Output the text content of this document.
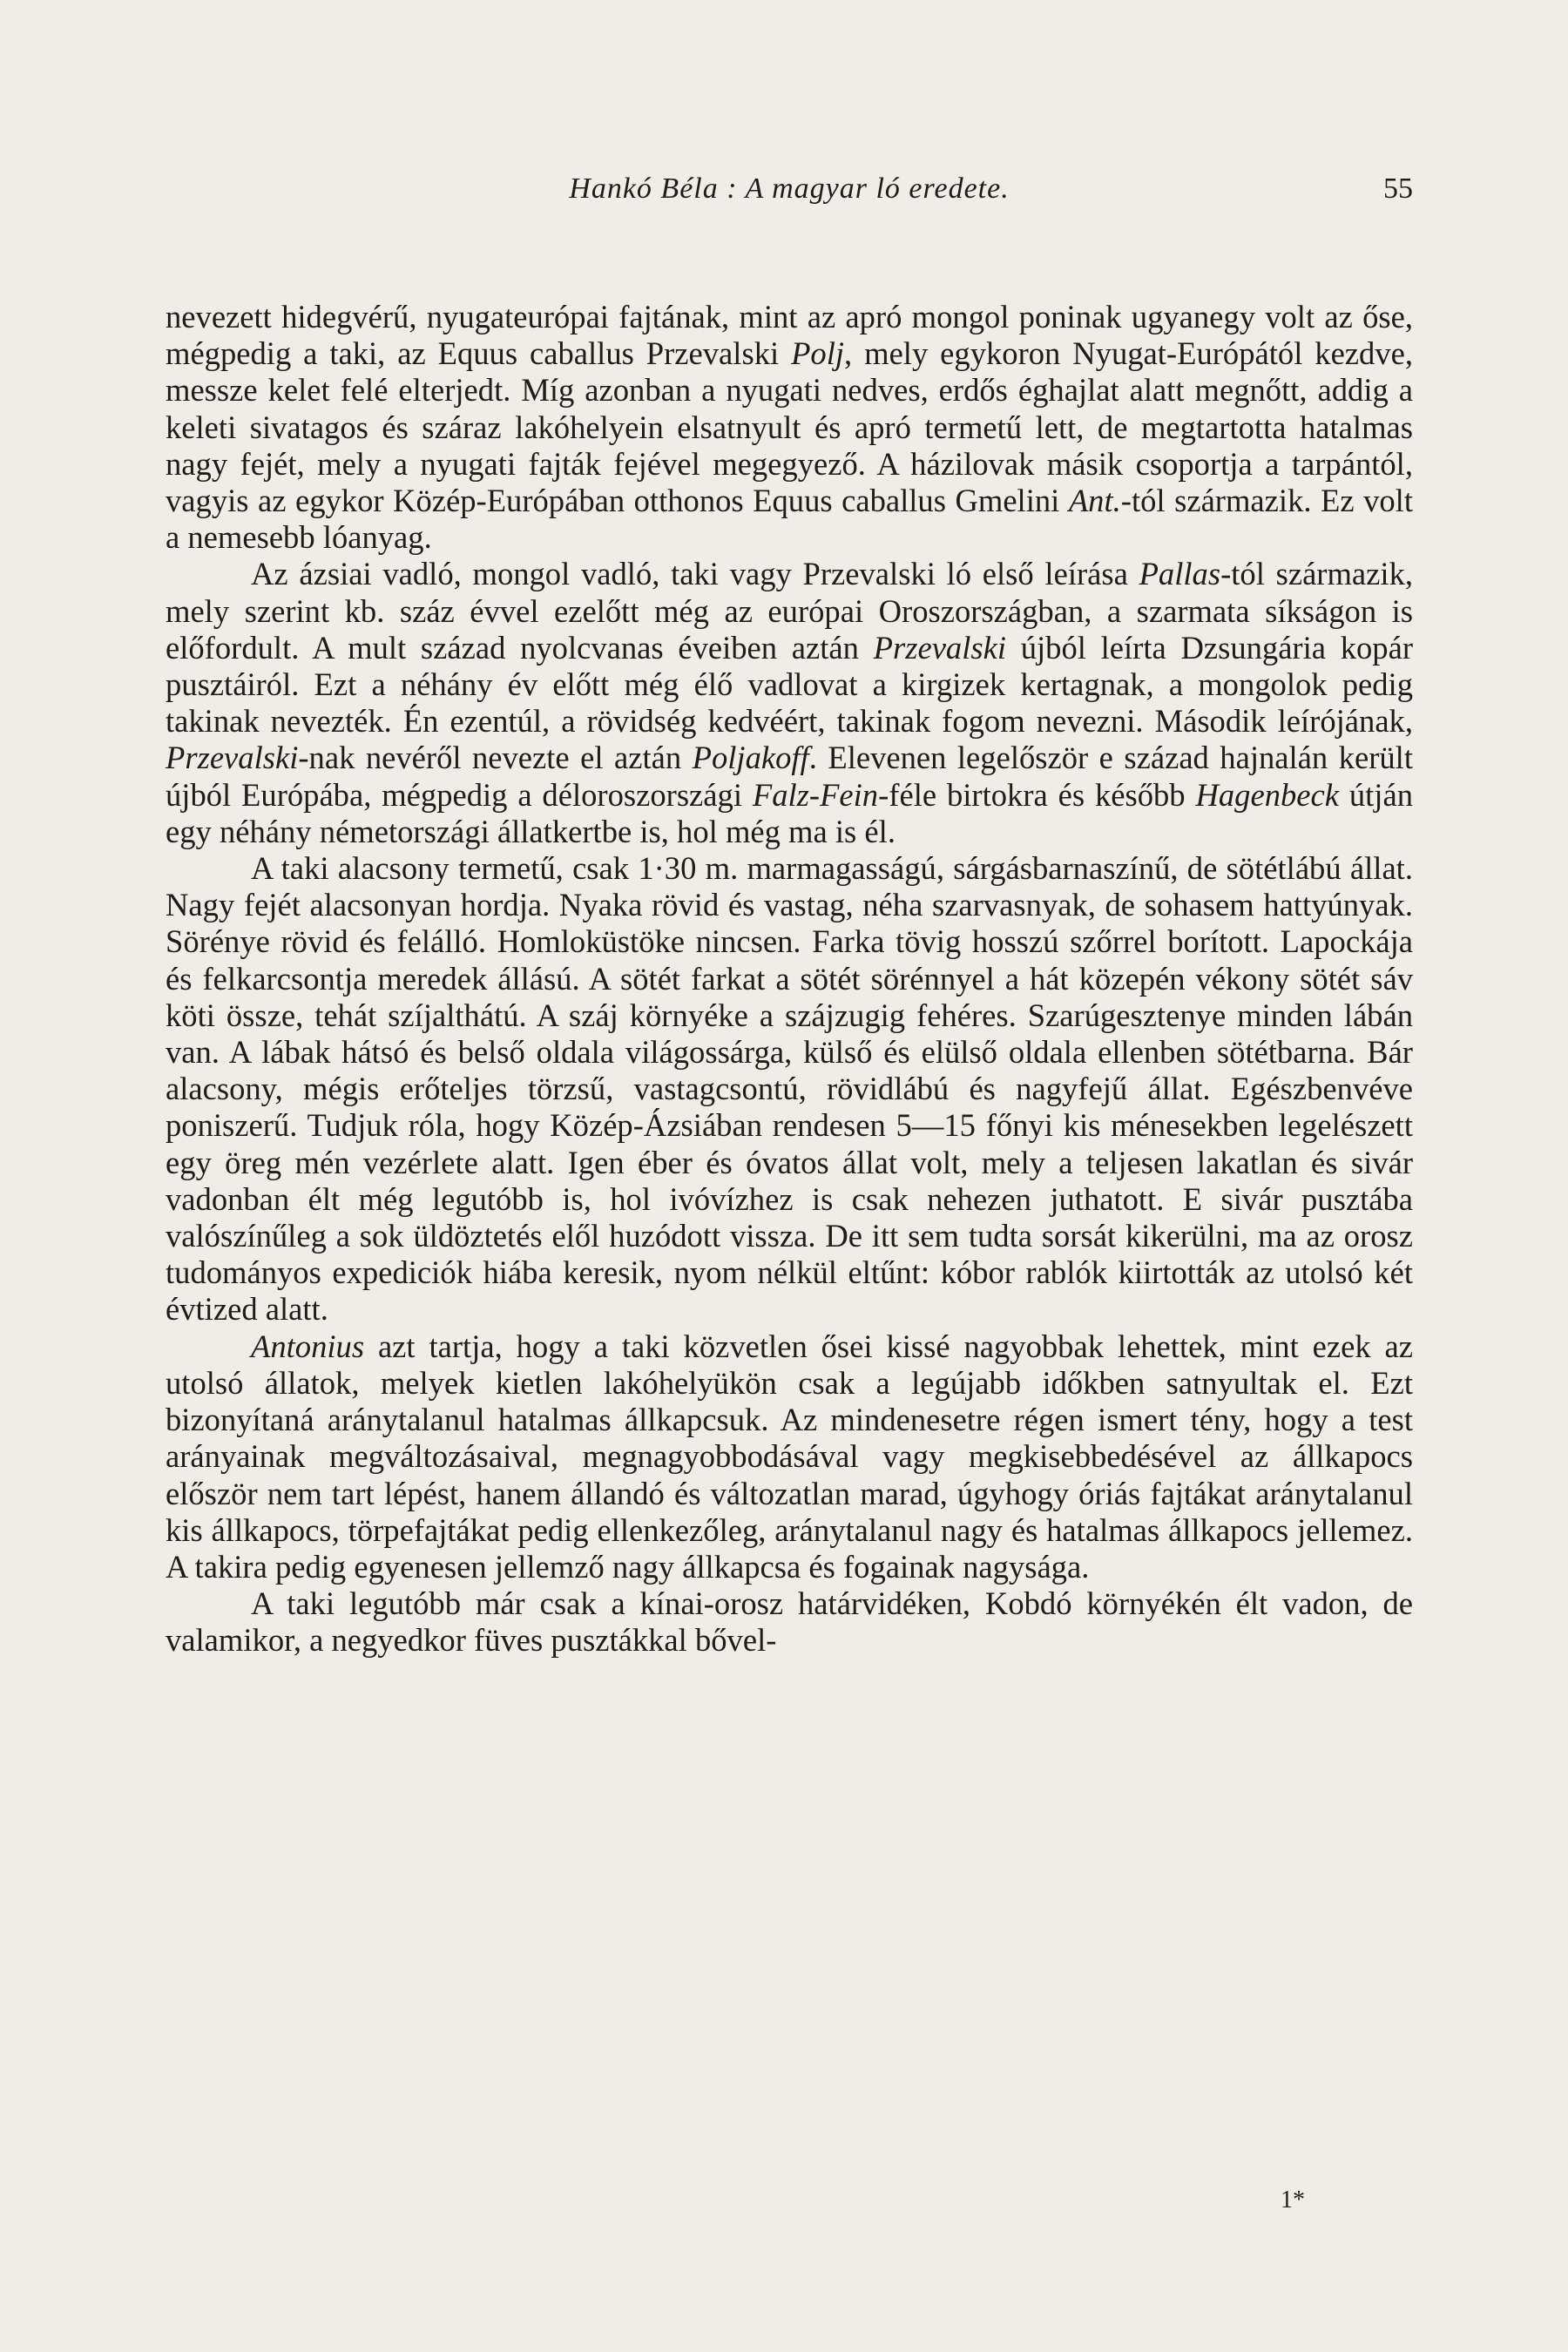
Hankó Béla : A magyar ló eredete.	55

nevezett hidegvérű, nyugateurópai fajtának, mint az apró mongol poninak ugyanegy volt az őse, mégpedig a taki, az Equus caballus Przevalski Polj, mely egykoron Nyugat-Európától kezdve, messze kelet felé elterjedt. Míg azonban a nyugati nedves, erdős éghajlat alatt megnőtt, addig a keleti sivatagos és száraz lakóhelyein elsatnyult és apró termetű lett, de megtartotta hatalmas nagy fejét, mely a nyugati fajták fejével megegyező. A házilovak másik csoportja a tarpántól, vagyis az egykor Közép-Európában otthonos Equus caballus Gmelini Ant.-tól származik. Ez volt a nemesebb lóanyag.

Az ázsiai vadló, mongol vadló, taki vagy Przevalski ló első leírása Pallas-tól származik, mely szerint kb. száz évvel ezelőtt még az európai Oroszországban, a szarmata síkságon is előfordult. A mult század nyolcvanas éveiben aztán Przevalski újból leírta Dzsungária kopár pusztáiról. Ezt a néhány év előtt még élő vadlovat a kirgizek kertagnak, a mongolok pedig takinak nevezték. Én ezentúl, a rövidség kedvéért, takinak fogom nevezni. Második leírójának, Przevalski-nak nevéről nevezte el aztán Poljakoff. Elevenen legelőször e század hajnalán került újból Európába, mégpedig a déloroszországi Falz-Fein-féle birtokra és később Hagenbeck útján egy néhány németországi állatkertbe is, hol még ma is él.

A taki alacsony termetű, csak 1·30 m. marmagasságú, sárgásbarnaszínű, de sötétlábú állat. Nagy fejét alacsonyan hordja. Nyaka rövid és vastag, néha szarvasnyak, de sohasem hattyúnyak. Sörénye rövid és felálló. Homloküstöke nincsen. Farka tövig hosszú szőrrel borított. Lapockája és felkarcsontja meredek állású. A sötét farkat a sötét sörénnyel a hát közepén vékony sötét sáv köti össze, tehát szíjalthátú. A száj környéke a szájzugig fehéres. Szarúgesztenye minden lábán van. A lábak hátsó és belső oldala világossárga, külső és elülső oldala ellenben sötétbarna. Bár alacsony, mégis erőteljes törzsű, vastagcsontú, rövidlábú és nagyfejű állat. Egészbenvéve poniszerű. Tudjuk róla, hogy Közép-Ázsiában rendesen 5—15 főnyi kis ménesekben legelészett egy öreg mén vezérlete alatt. Igen éber és óvatos állat volt, mely a teljesen lakatlan és sivár vadonban élt még legutóbb is, hol ivóvízhez is csak nehezen juthatott. E sivár pusztába valószínűleg a sok üldöztetés elől huzódott vissza. De itt sem tudta sorsát kikerülni, ma az orosz tudományos expediciók hiába keresik, nyom nélkül eltűnt: kóbor rablók kiirtották az utolsó két évtized alatt.

Antonius azt tartja, hogy a taki közvetlen ősei kissé nagyobbak lehettek, mint ezek az utolsó állatok, melyek kietlen lakóhelyükön csak a legújabb időkben satnyultak el. Ezt bizonyítaná aránytalanul hatalmas állkapcsuk. Az mindenesetre régen ismert tény, hogy a test arányainak megváltozásaival, megnagyobbodásával vagy megkisebbedésével az állkapocs először nem tart lépést, hanem állandó és változatlan marad, úgyhogy óriás fajtákat aránytalanul kis állkapocs, törpefajtákat pedig ellenkezőleg, aránytalanul nagy és hatalmas állkapocs jellemez. A takira pedig egyenesen jellemző nagy állkapcsa és fogainak nagysága.

A taki legutóbb már csak a kínai-orosz határvidéken, Kobdó környékén élt vadon, de valamikor, a negyedkor füves pusztákkal bővel-

1*
